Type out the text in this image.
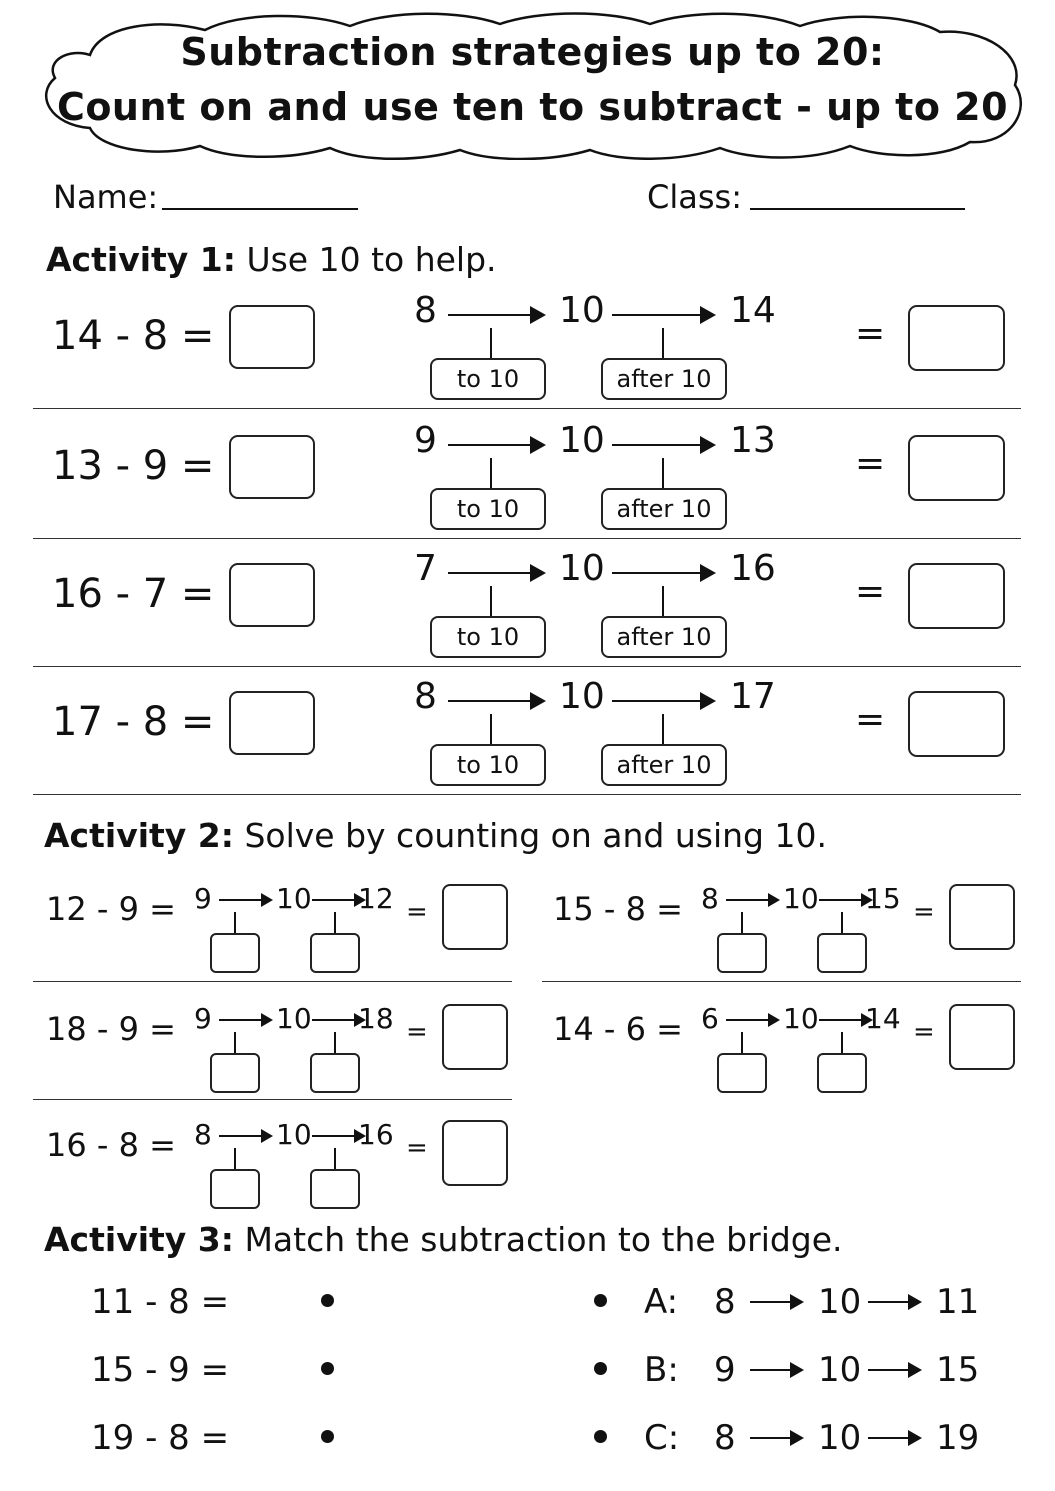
Subtraction strategies up to 20:
Count on and use ten to subtract - up to 20
Name:	Class:
Activity 1: Use 10 to help.
Activity 2: Solve by counting on and using 10.
Activity 3: Match the subtraction to the bridge.
14 - 8 =
8	10	14
to 10	after 10
=
13 - 9 =
9	10	13
to 10	after 10
=
16 - 7 =
7	10	16
to 10	after 10
=
17 - 8 =
8	10	17
to 10	after 10
=
12 - 9 = 9 10 12 =	15 - 8 = 8 10 15 =
18 - 9 = 9 10 18 =	14 - 6 = 6 10 14 =
16 - 8 = 8 10 16 =
11 - 8 =
15 - 9 =
19 - 8 =
A: 8 10 11
B: 9 10 15
C: 8 10 19
